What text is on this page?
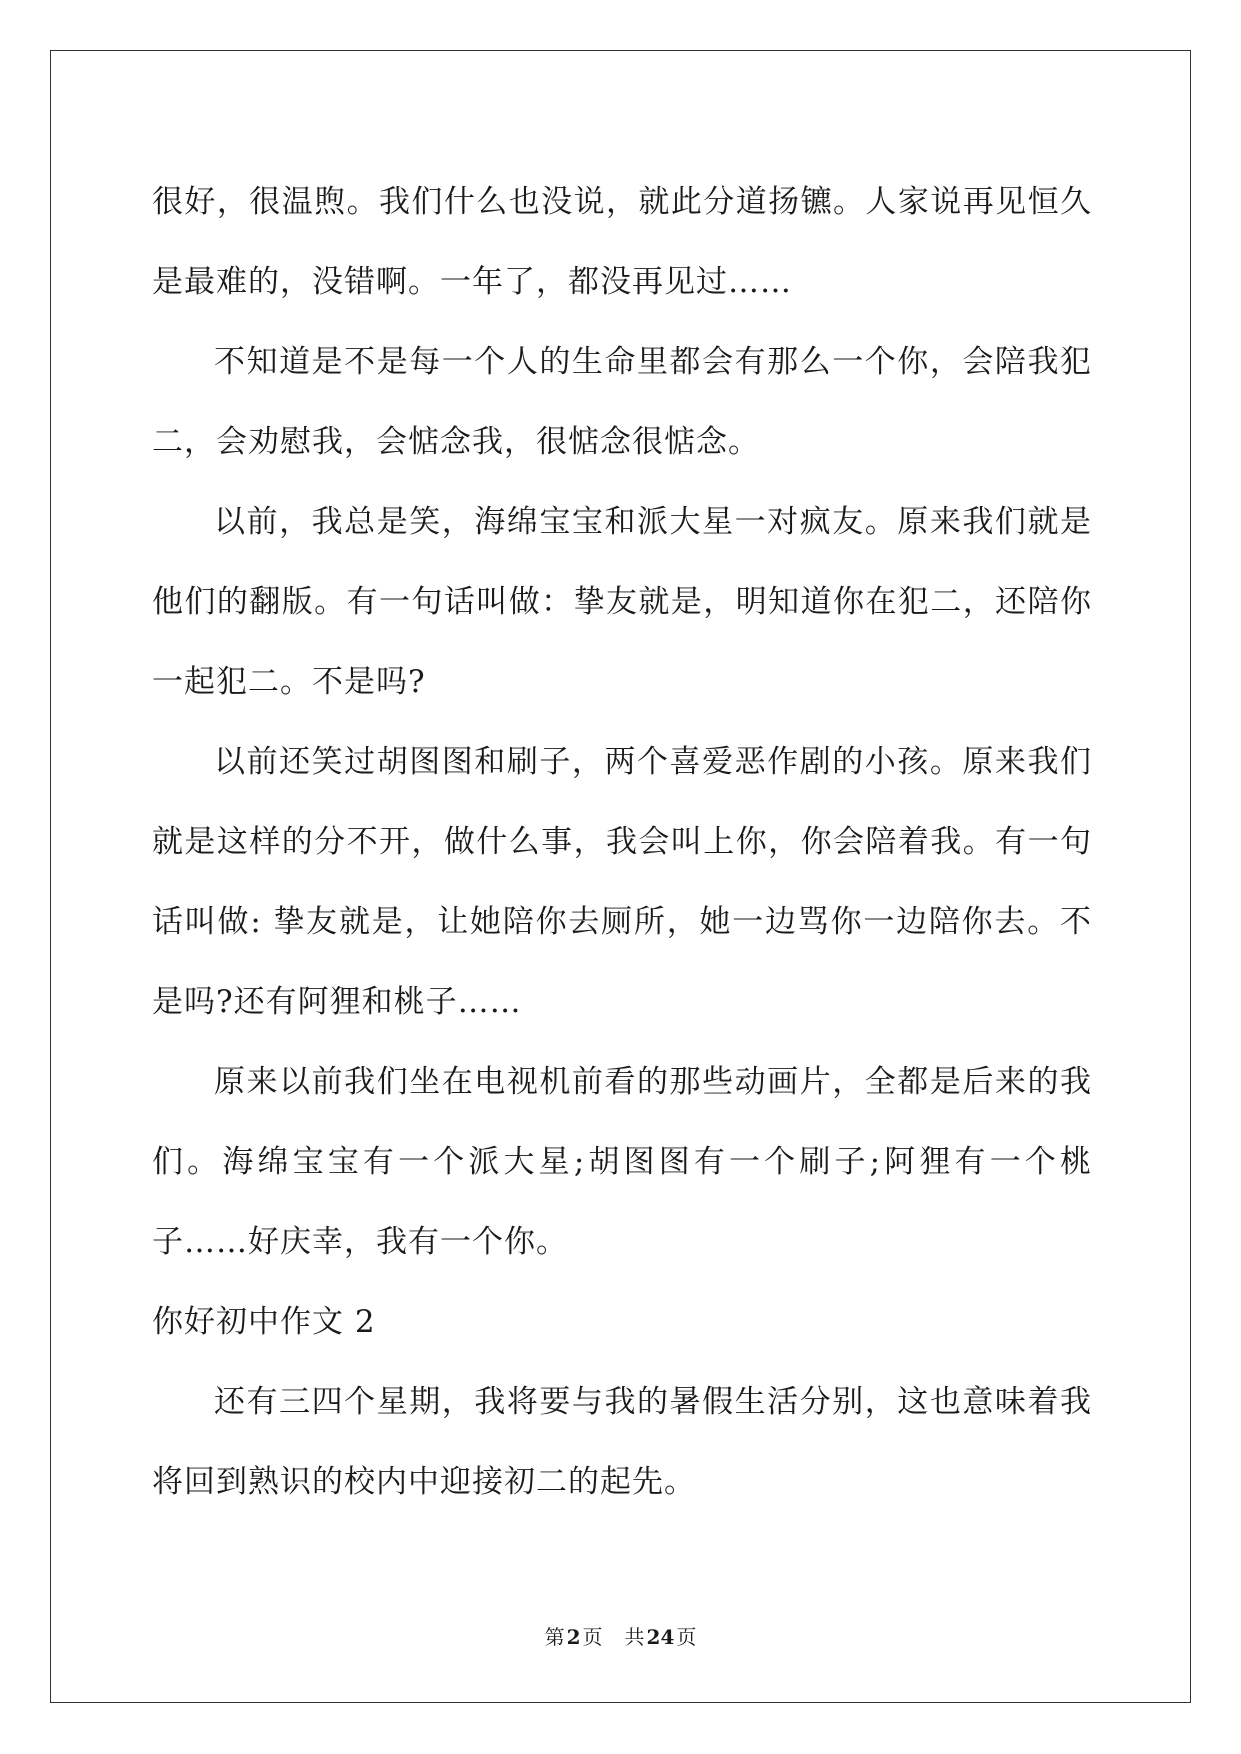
很好，很温煦。我们什么也没说，就此分道扬镳。人家说再见恒久是最难的，没错啊。一年了，都没再见过……

不知道是不是每一个人的生命里都会有那么一个你，会陪我犯二，会劝慰我，会惦念我，很惦念很惦念。

以前，我总是笑，海绵宝宝和派大星一对疯友。原来我们就是他们的翻版。有一句话叫做：挚友就是，明知道你在犯二，还陪你一起犯二。不是吗?

以前还笑过胡图图和刷子，两个喜爱恶作剧的小孩。原来我们就是这样的分不开，做什么事，我会叫上你，你会陪着我。有一句话叫做: 挚友就是，让她陪你去厕所，她一边骂你一边陪你去。不是吗?还有阿狸和桃子……

原来以前我们坐在电视机前看的那些动画片，全都是后来的我们。海绵宝宝有一个派大星;胡图图有一个刷子;阿狸有一个桃子……好庆幸，我有一个你。

你好初中作文 2

还有三四个星期，我将要与我的暑假生活分别，这也意味着我将回到熟识的校内中迎接初二的起先。

第 2 页 共 24 页
